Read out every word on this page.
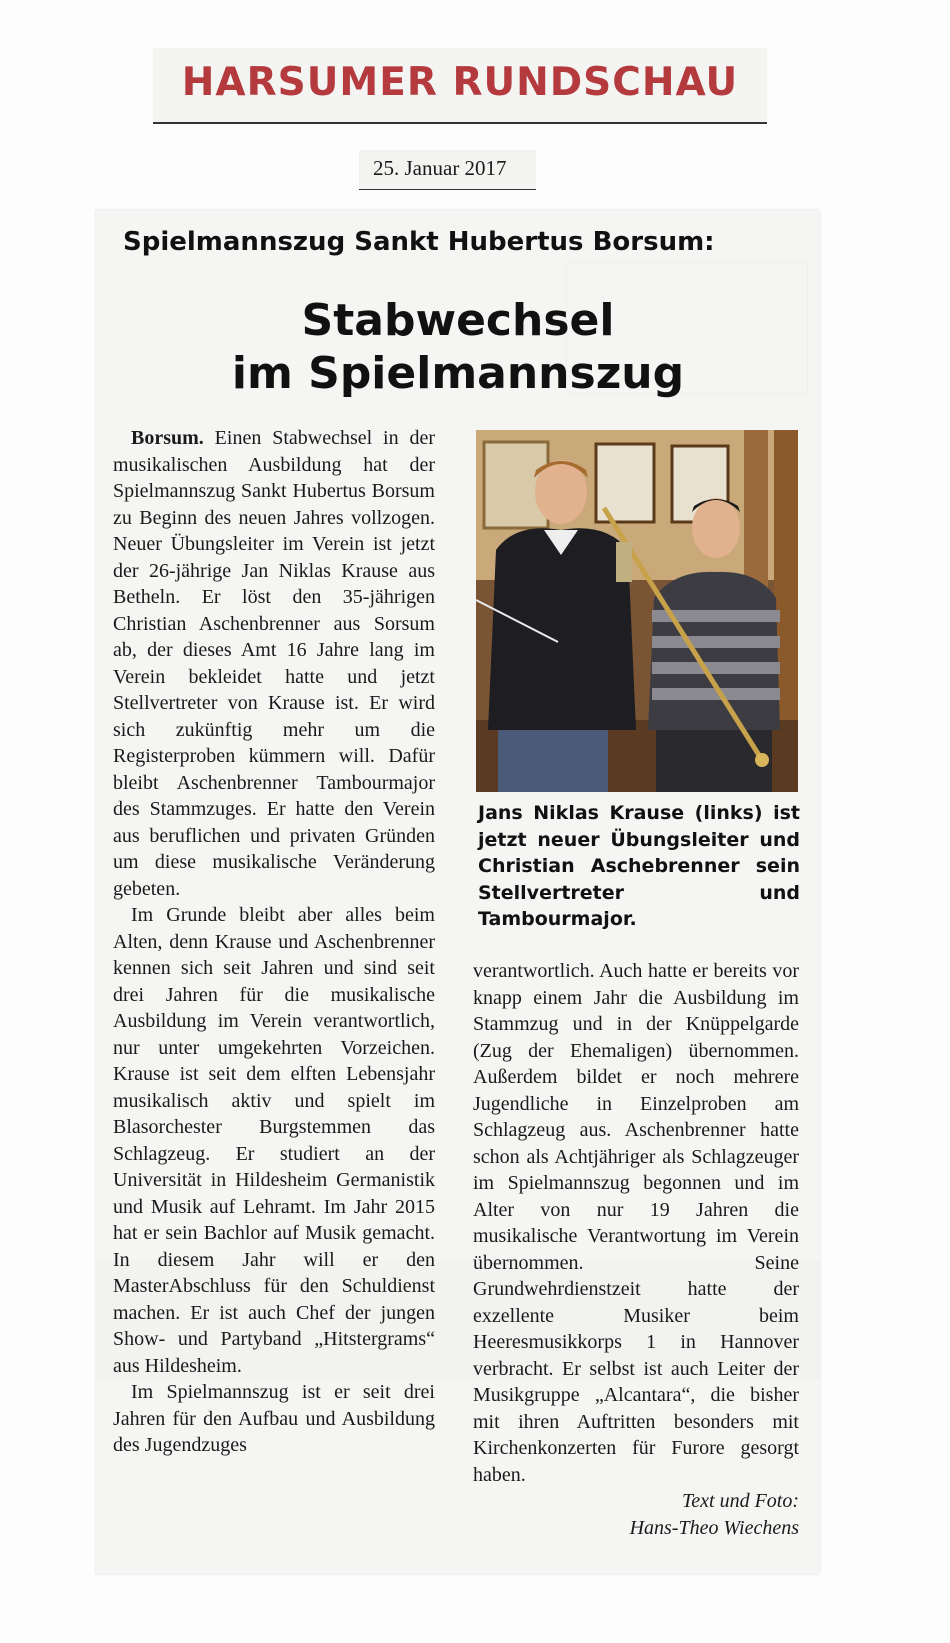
HARSUMER RUNDSCHAU
25. Januar 2017
Spielmannszug Sankt Hubertus Borsum:
Stabwechsel
im Spielmannszug

Borsum. Einen Stabwechsel in der musikalischen Ausbildung hat der Spielmannszug Sankt Hubertus Borsum zu Beginn des neuen Jahres vollzogen. Neuer Übungsleiter im Verein ist jetzt der 26-jährige Jan Niklas Krause aus Betheln. Er löst den 35-jährigen Christian Aschenbrenner aus Sorsum ab, der dieses Amt 16 Jahre lang im Verein bekleidet hatte und jetzt Stellvertreter von Krause ist. Er wird sich zukünftig mehr um die Registerproben kümmern will. Dafür bleibt Aschenbrenner Tambourmajor des Stammzuges. Er hatte den Verein aus beruflichen und privaten Gründen um diese musikalische Veränderung gebeten.

Im Grunde bleibt aber alles beim Alten, denn Krause und Aschenbrenner kennen sich seit Jahren und sind seit drei Jahren für die musikalische Ausbildung im Verein verantwortlich, nur unter umgekehrten Vorzeichen. Krause ist seit dem elften Lebensjahr musikalisch aktiv und spielt im Blasorchester Burgstemmen das Schlagzeug. Er studiert an der Universität in Hildesheim Germanistik und Musik auf Lehramt. Im Jahr 2015 hat er sein Bachlor auf Musik gemacht. In diesem Jahr will er den MasterAbschluss für den Schuldienst machen. Er ist auch Chef der jungen Show- und Partyband „Hitstergrams“ aus Hildesheim.

Im Spielmannszug ist er seit drei Jahren für den Aufbau und Ausbildung des Jugendzuges

Jans Niklas Krause (links) ist jetzt neuer Übungsleiter und Christian Aschebrenner sein Stellvertreter und Tambourmajor.

verantwortlich. Auch hatte er bereits vor knapp einem Jahr die Ausbildung im Stammzug und in der Knüppelgarde (Zug der Ehemaligen) übernommen. Außerdem bildet er noch mehrere Jugendliche in Einzelproben am Schlagzeug aus. Aschenbrenner hatte schon als Achtjähriger als Schlagzeuger im Spielmannszug begonnen und im Alter von nur 19 Jahren die musikalische Verantwortung im Verein übernommen. Seine Grundwehrdienstzeit hatte der exzellente Musiker beim Heeresmusikkorps 1 in Hannover verbracht. Er selbst ist auch Leiter der Musikgruppe „Alcantara“, die bisher mit ihren Auftritten besonders mit Kirchenkonzerten für Furore gesorgt haben.

Text und Foto:

Hans-Theo Wiechens
